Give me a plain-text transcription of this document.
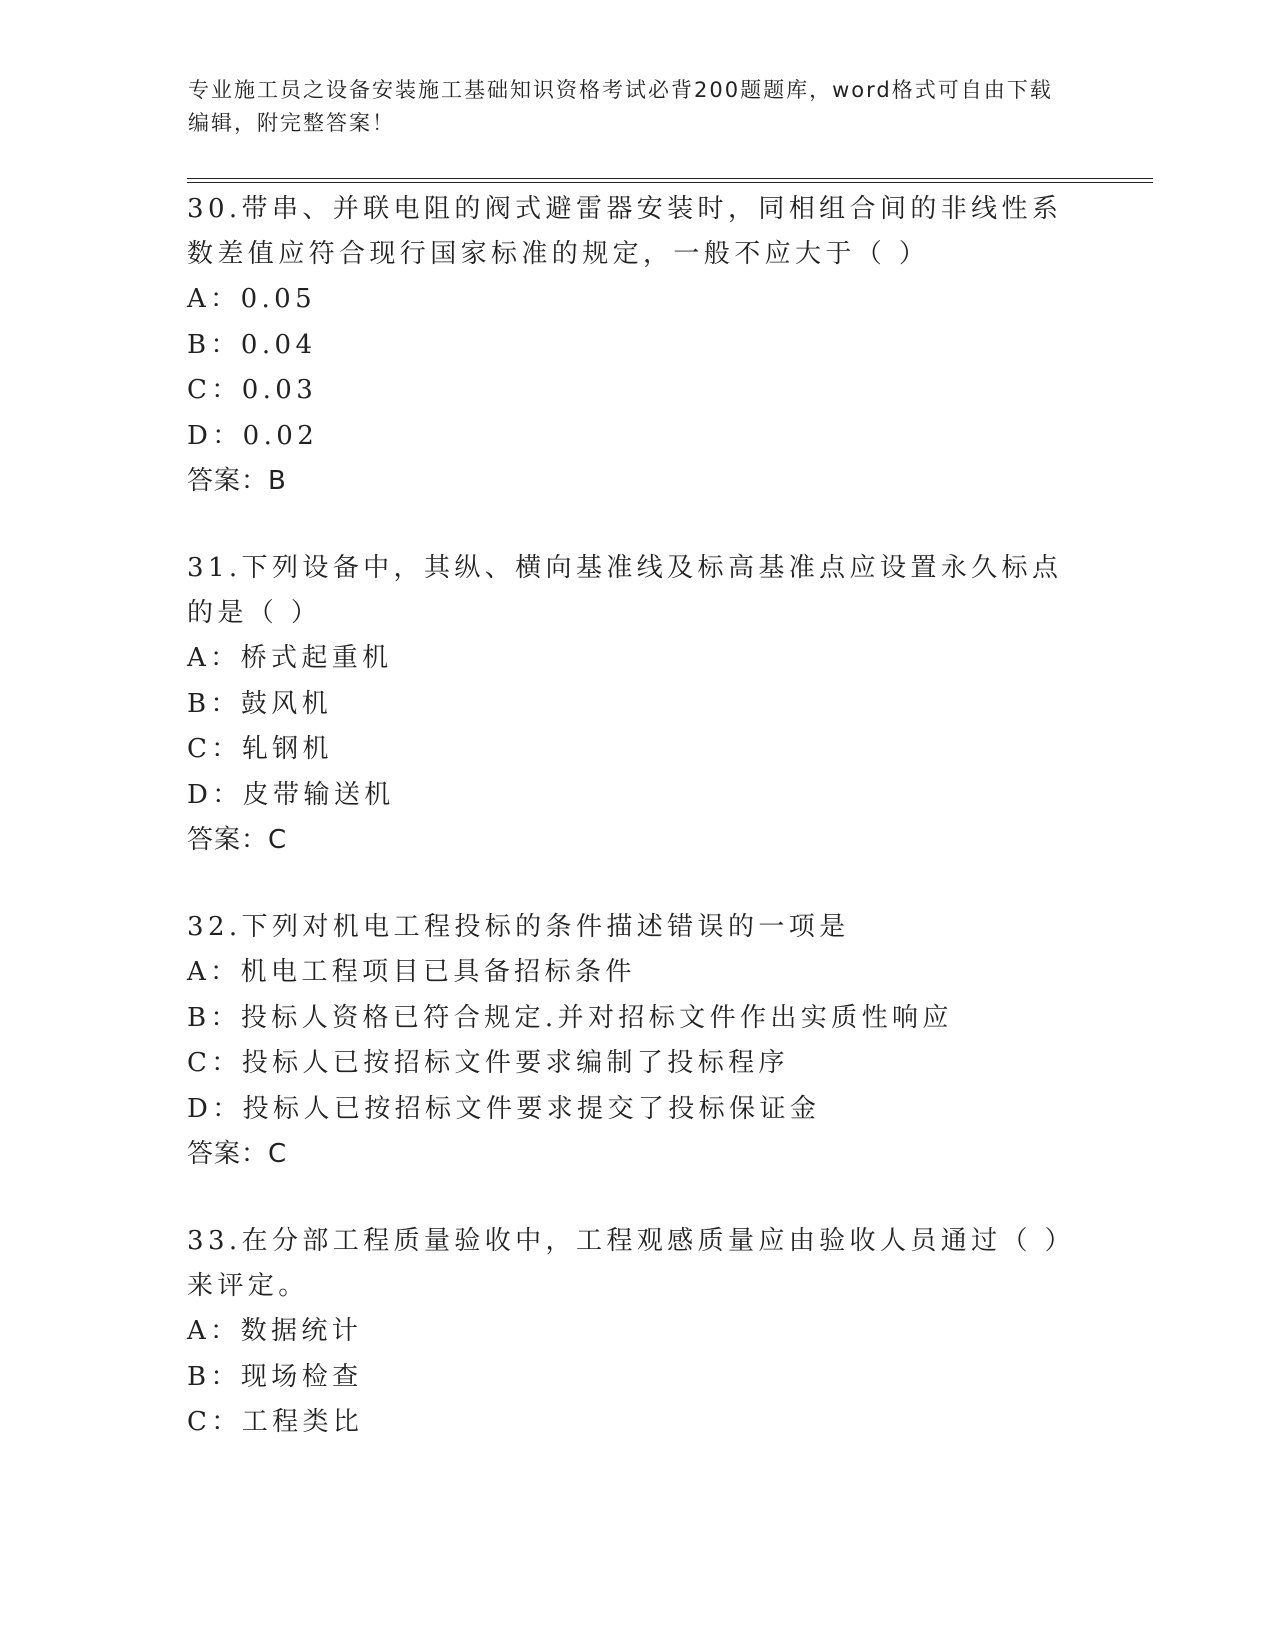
专业施工员之设备安装施工基础知识资格考试必背200题题库，word格式可自由下载编辑，附完整答案！

30.带串、并联电阻的阀式避雷器安装时，同相组合间的非线性系数差值应符合现行国家标准的规定，一般不应大于（ ）

A：0.05

B：0.04

C：0.03

D：0.02

答案：B

31.下列设备中，其纵、横向基准线及标高基准点应设置永久标点的是（ ）

A：桥式起重机

B：鼓风机

C：轧钢机

D：皮带输送机

答案：C

32.下列对机电工程投标的条件描述错误的一项是

A：机电工程项目已具备招标条件

B：投标人资格已符合规定.并对招标文件作出实质性响应

C：投标人已按招标文件要求编制了投标程序

D：投标人已按招标文件要求提交了投标保证金

答案：C

33.在分部工程质量验收中，工程观感质量应由验收人员通过（ ）来评定。

A：数据统计

B：现场检查

C：工程类比
